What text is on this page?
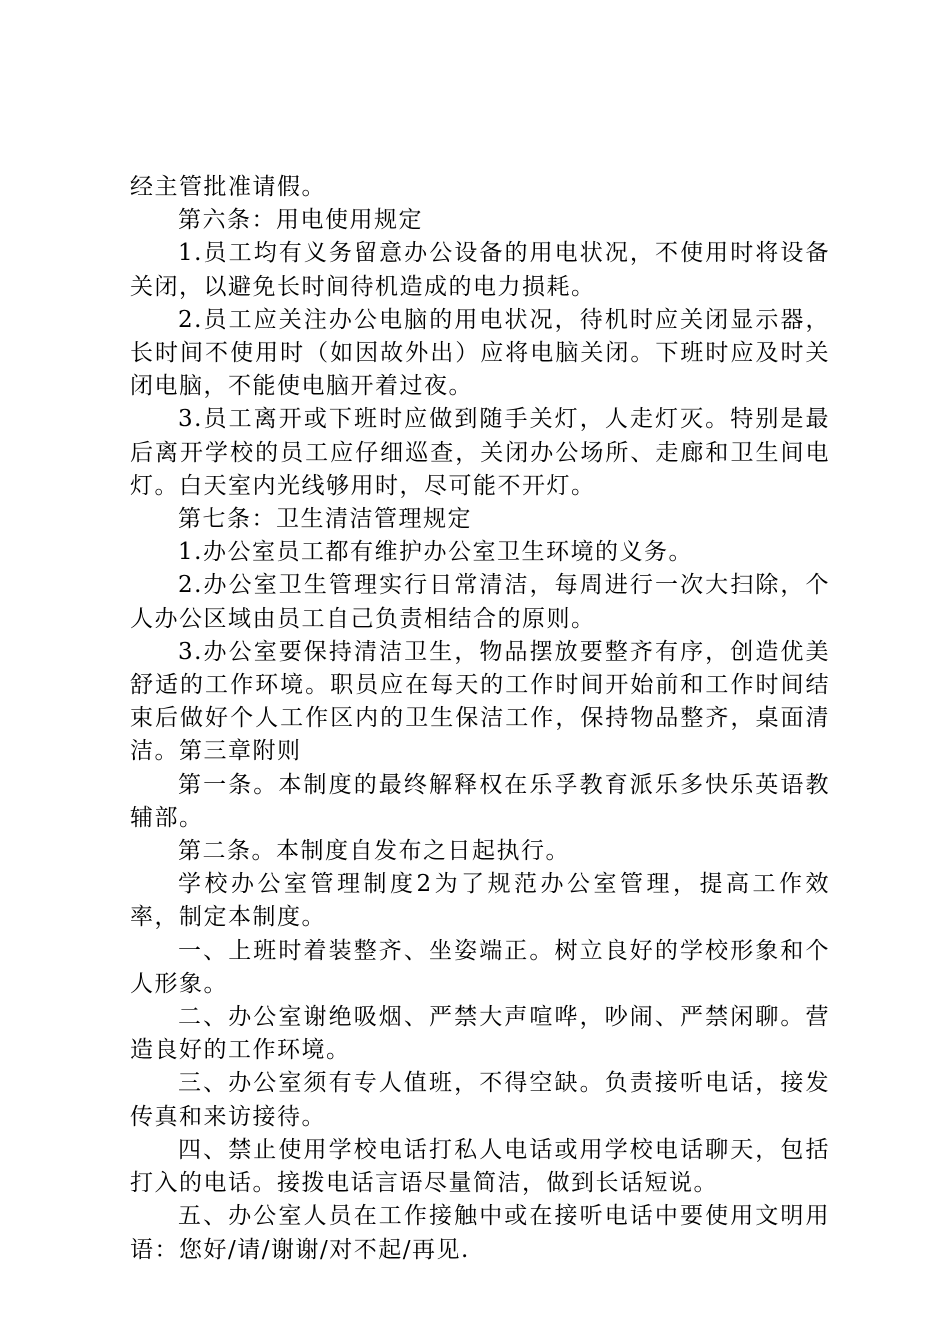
经主管批准请假。

第六条：用电使用规定

1.员工均有义务留意办公设备的用电状况，不使用时将设备关闭，以避免长时间待机造成的电力损耗。

2.员工应关注办公电脑的用电状况，待机时应关闭显示器，长时间不使用时（如因故外出）应将电脑关闭。下班时应及时关闭电脑，不能使电脑开着过夜。

3.员工离开或下班时应做到随手关灯，人走灯灭。特别是最后离开学校的员工应仔细巡查，关闭办公场所、走廊和卫生间电灯。白天室内光线够用时，尽可能不开灯。

第七条：卫生清洁管理规定

1.办公室员工都有维护办公室卫生环境的义务。

2.办公室卫生管理实行日常清洁，每周进行一次大扫除，个人办公区域由员工自己负责相结合的原则。

3.办公室要保持清洁卫生，物品摆放要整齐有序，创造优美舒适的工作环境。职员应在每天的工作时间开始前和工作时间结束后做好个人工作区内的卫生保洁工作，保持物品整齐，桌面清洁。第三章附则

第一条。本制度的最终解释权在乐孚教育派乐多快乐英语教辅部。

第二条。本制度自发布之日起执行。

学校办公室管理制度2为了规范办公室管理，提高工作效率，制定本制度。

一、上班时着装整齐、坐姿端正。树立良好的学校形象和个人形象。

二、办公室谢绝吸烟、严禁大声喧哗，吵闹、严禁闲聊。营造良好的工作环境。

三、办公室须有专人值班，不得空缺。负责接听电话，接发传真和来访接待。

四、禁止使用学校电话打私人电话或用学校电话聊天，包括打入的电话。接拨电话言语尽量简洁，做到长话短说。

五、办公室人员在工作接触中或在接听电话中要使用文明用语：您好/请/谢谢/对不起/再见.
